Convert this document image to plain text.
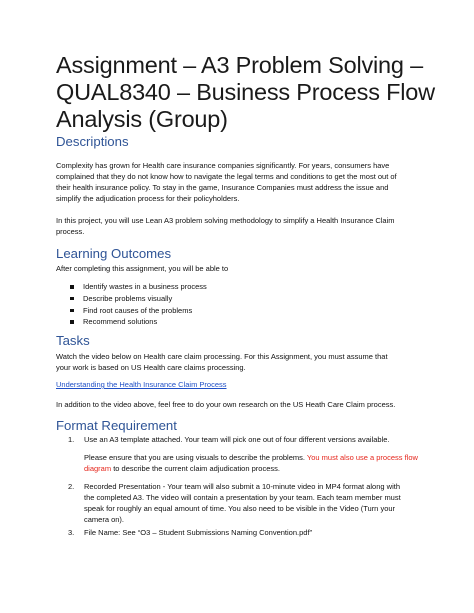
Assignment – A3 Problem Solving –
QUAL8340 – Business Process Flow
Analysis (Group)
Descriptions
Complexity has grown for Health care insurance companies significantly. For years, consumers have
complained that they do not know how to navigate the legal terms and conditions to get the most out of
their health insurance policy. To stay in the game, Insurance Companies must address the issue and
simplify the adjudication process for their policyholders.
In this project, you will use Lean A3 problem solving methodology to simplify a Health Insurance Claim
process.
Learning Outcomes
After completing this assignment, you will be able to
Identify wastes in a business process
Describe problems visually
Find root causes of the problems
Recommend solutions
Tasks
Watch the video below on Health care claim processing. For this Assignment, you must assume that
your work is based on US Health care claims processing.
Understanding the Health Insurance Claim Process
In addition to the video above, feel free to do your own research on the US Heath Care Claim process.
Format Requirement
1. Use an A3 template attached. Your team will pick one out of four different versions available.
Please ensure that you are using visuals to describe the problems. You must also use a process flow
diagram to describe the current claim adjudication process.
2. Recorded Presentation - Your team will also submit a 10-minute video in MP4 format along with
the completed A3. The video will contain a presentation by your team. Each team member must
speak for roughly an equal amount of time. You also need to be visible in the Video (Turn your
camera on).
3. File Name: See “O3 – Student Submissions Naming Convention.pdf”
